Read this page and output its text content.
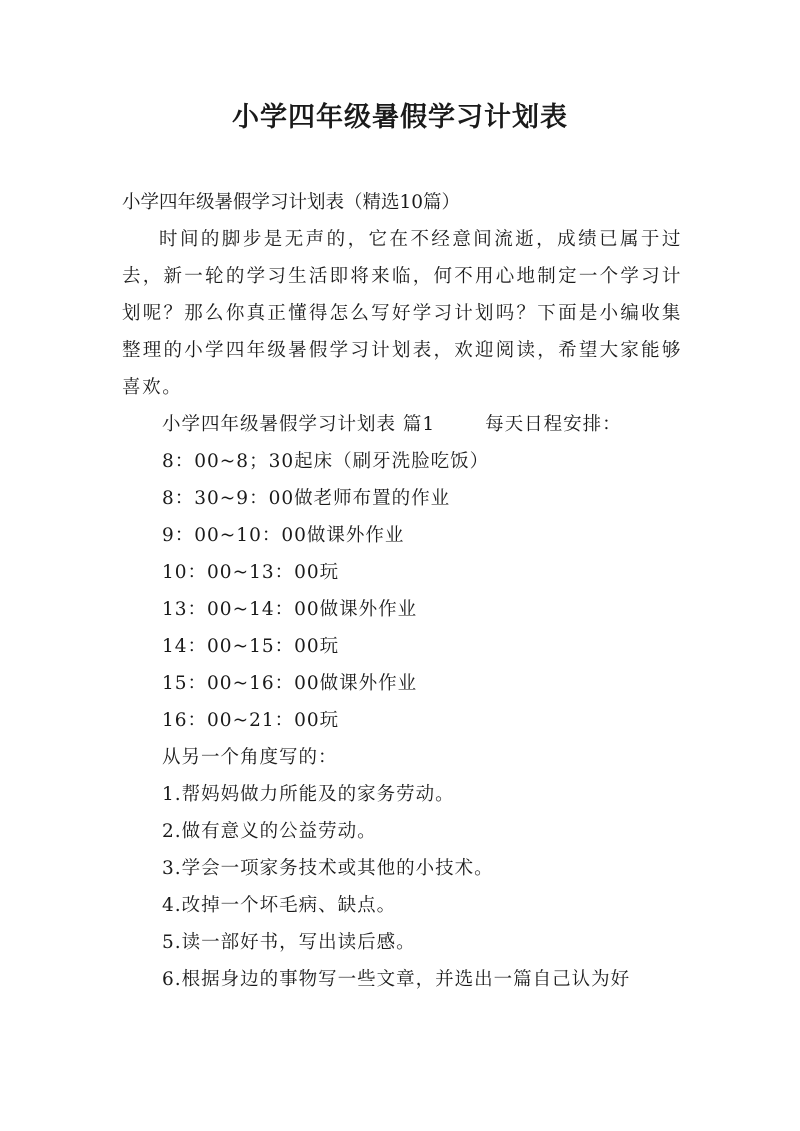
小学四年级暑假学习计划表
小学四年级暑假学习计划表（精选10篇）
时间的脚步是无声的，它在不经意间流逝，成绩已属于过去，新一轮的学习生活即将来临，何不用心地制定一个学习计划呢？那么你真正懂得怎么写好学习计划吗？下面是小编收集整理的小学四年级暑假学习计划表，欢迎阅读，希望大家能够喜欢。
小学四年级暑假学习计划表 篇1	每天日程安排：
8：00~8；30起床（刷牙洗脸吃饭）
8：30~9：00做老师布置的作业
9：00~10：00做课外作业
10：00~13：00玩
13：00~14：00做课外作业
14：00~15：00玩
15：00~16：00做课外作业
16：00~21：00玩
从另一个角度写的：
1.帮妈妈做力所能及的家务劳动。
2.做有意义的公益劳动。
3.学会一项家务技术或其他的小技术。
4.改掉一个坏毛病、缺点。
5.读一部好书，写出读后感。
6.根据身边的事物写一些文章，并选出一篇自己认为好
